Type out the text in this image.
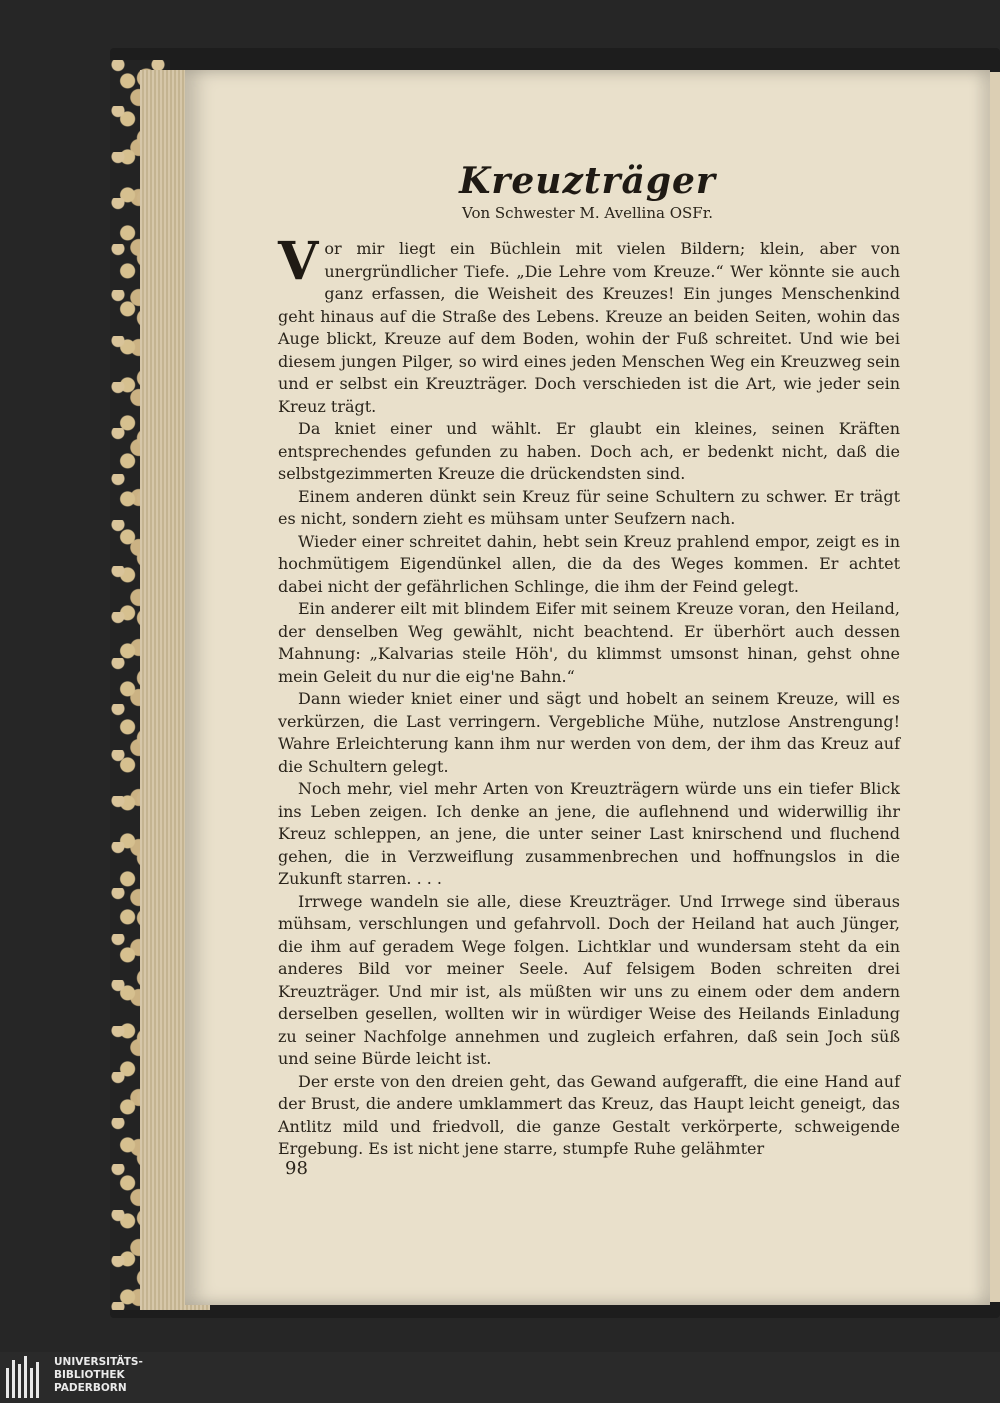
Kreuzträger
Von Schwester M. Avellina OSFr.

Vor mir liegt ein Büchlein mit vielen Bildern; klein, aber von unergründlicher Tiefe. „Die Lehre vom Kreuze.“ Wer könnte sie auch ganz erfassen, die Weisheit des Kreuzes! Ein junges Menschenkind geht hinaus auf die Straße des Lebens. Kreuze an beiden Seiten, wohin das Auge blickt, Kreuze auf dem Boden, wohin der Fuß schreitet. Und wie bei diesem jungen Pilger, so wird eines jeden Menschen Weg ein Kreuzweg sein und er selbst ein Kreuzträger. Doch verschieden ist die Art, wie jeder sein Kreuz trägt.

Da kniet einer und wählt. Er glaubt ein kleines, seinen Kräften entsprechendes gefunden zu haben. Doch ach, er bedenkt nicht, daß die selbstgezimmerten Kreuze die drückendsten sind.

Einem anderen dünkt sein Kreuz für seine Schultern zu schwer. Er trägt es nicht, sondern zieht es mühsam unter Seufzern nach.

Wieder einer schreitet dahin, hebt sein Kreuz prahlend empor, zeigt es in hochmütigem Eigendünkel allen, die da des Weges kommen. Er achtet dabei nicht der gefährlichen Schlinge, die ihm der Feind gelegt.

Ein anderer eilt mit blindem Eifer mit seinem Kreuze voran, den Heiland, der denselben Weg gewählt, nicht beachtend. Er überhört auch dessen Mahnung: „Kalvarias steile Höh', du klimmst umsonst hinan, gehst ohne mein Geleit du nur die eig'ne Bahn.“

Dann wieder kniet einer und sägt und hobelt an seinem Kreuze, will es verkürzen, die Last verringern. Vergebliche Mühe, nutzlose Anstrengung! Wahre Erleichterung kann ihm nur werden von dem, der ihm das Kreuz auf die Schultern gelegt.

Noch mehr, viel mehr Arten von Kreuzträgern würde uns ein tiefer Blick ins Leben zeigen. Ich denke an jene, die auflehnend und widerwillig ihr Kreuz schleppen, an jene, die unter seiner Last knirschend und fluchend gehen, die in Verzweiflung zusammenbrechen und hoffnungslos in die Zukunft starren. . . .

Irrwege wandeln sie alle, diese Kreuzträger. Und Irrwege sind überaus mühsam, verschlungen und gefahrvoll. Doch der Heiland hat auch Jünger, die ihm auf geradem Wege folgen. Lichtklar und wundersam steht da ein anderes Bild vor meiner Seele. Auf felsigem Boden schreiten drei Kreuzträger. Und mir ist, als müßten wir uns zu einem oder dem andern derselben gesellen, wollten wir in würdiger Weise des Heilands Einladung zu seiner Nachfolge annehmen und zugleich erfahren, daß sein Joch süß und seine Bürde leicht ist.

Der erste von den dreien geht, das Gewand aufgerafft, die eine Hand auf der Brust, die andere umklammert das Kreuz, das Haupt leicht geneigt, das Antlitz mild und friedvoll, die ganze Gestalt verkörperte, schweigende Ergebung. Es ist nicht jene starre, stumpfe Ruhe gelähmter

98
UNIVERSITÄTS-
BIBLIOTHEK
PADERBORN
